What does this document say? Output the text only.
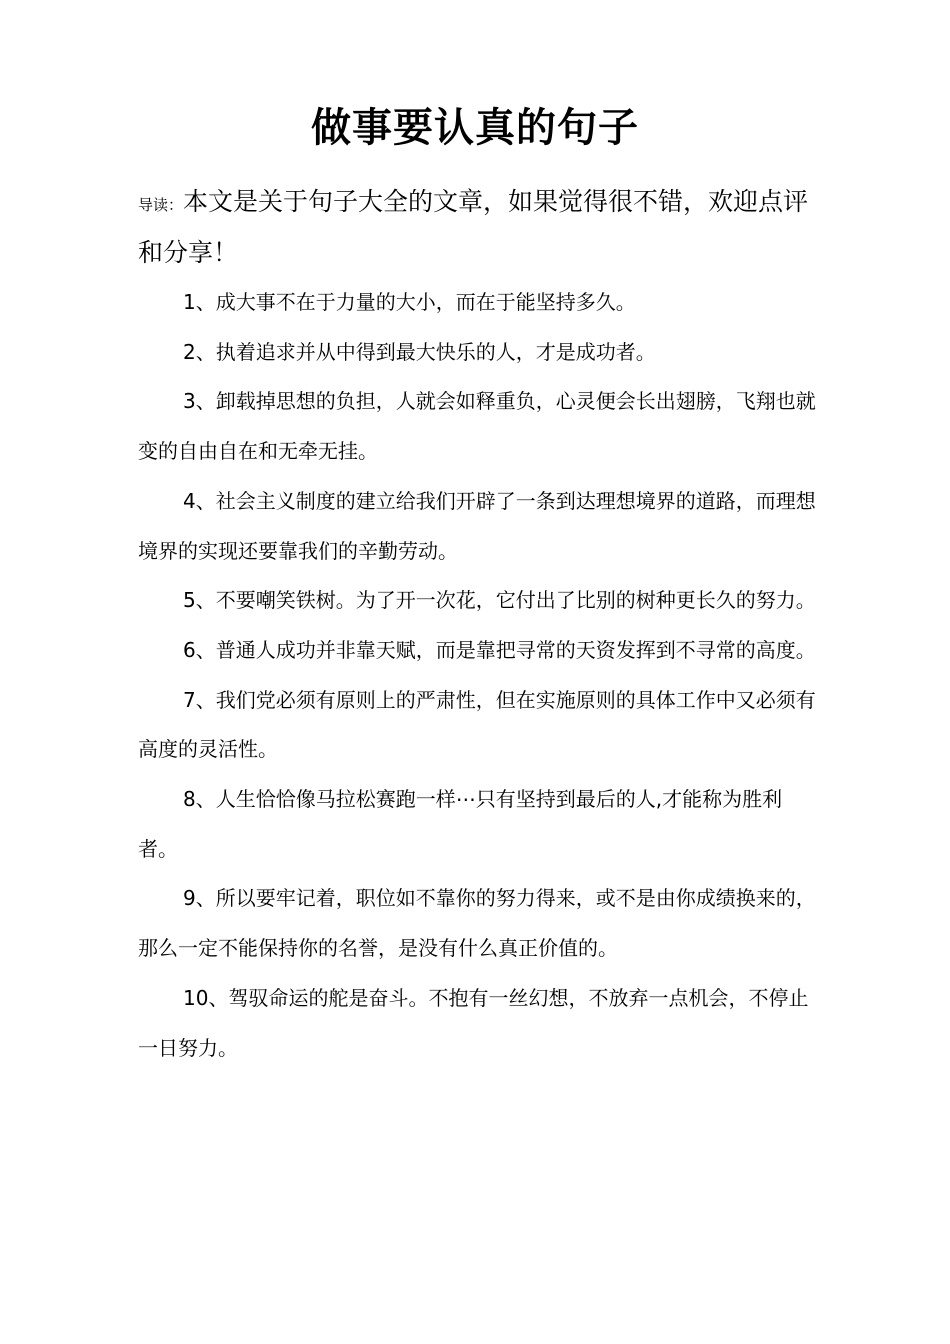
做事要认真的句子

导读：本文是关于句子大全的文章，如果觉得很不错，欢迎点评和分享！

1、成大事不在于力量的大小，而在于能坚持多久。

2、执着追求并从中得到最大快乐的人，才是成功者。

3、卸载掉思想的负担，人就会如释重负，心灵便会长出翅膀，飞翔也就变的自由自在和无牵无挂。

4、社会主义制度的建立给我们开辟了一条到达理想境界的道路，而理想境界的实现还要靠我们的辛勤劳动。

5、不要嘲笑铁树。为了开一次花，它付出了比别的树种更长久的努力。

6、普通人成功并非靠天赋，而是靠把寻常的天资发挥到不寻常的高度。

7、我们党必须有原则上的严肃性，但在实施原则的具体工作中又必须有高度的灵活性。

8、人生恰恰像马拉松赛跑一样⋯只有坚持到最后的人,才能称为胜利者。

9、所以要牢记着，职位如不靠你的努力得来，或不是由你成绩换来的，那么一定不能保持你的名誉，是没有什么真正价值的。

10、驾驭命运的舵是奋斗。不抱有一丝幻想，不放弃一点机会，不停止一日努力。
